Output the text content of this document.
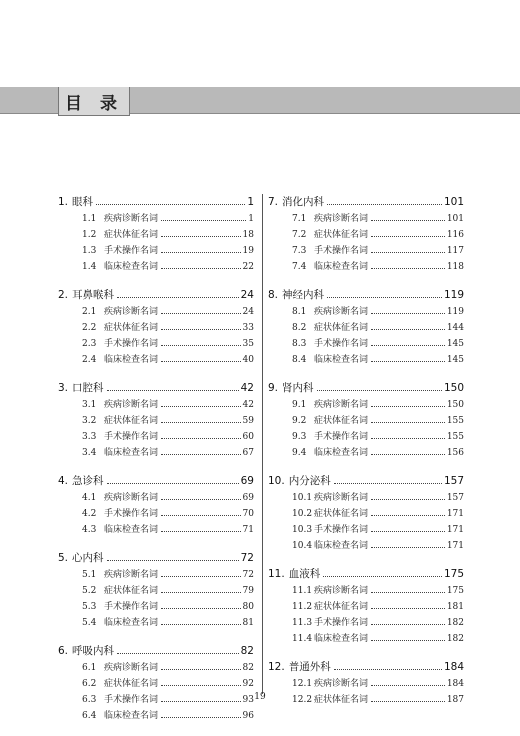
目 录
1. 眼科	1
1.1 疾病诊断名词	1
1.2 症状体征名词	18
1.3 手术操作名词	19
1.4 临床检查名词	22
2. 耳鼻喉科	24
2.1 疾病诊断名词	24
2.2 症状体征名词	33
2.3 手术操作名词	35
2.4 临床检查名词	40
3. 口腔科	42
3.1 疾病诊断名词	42
3.2 症状体征名词	59
3.3 手术操作名词	60
3.4 临床检查名词	67
4. 急诊科	69
4.1 疾病诊断名词	69
4.2 手术操作名词	70
4.3 临床检查名词	71
5. 心内科	72
5.1 疾病诊断名词	72
5.2 症状体征名词	79
5.3 手术操作名词	80
5.4 临床检查名词	81
6. 呼吸内科	82
6.1 疾病诊断名词	82
6.2 症状体征名词	92
6.3 手术操作名词	93
6.4 临床检查名词	96
7. 消化内科	101
7.1 疾病诊断名词	101
7.2 症状体征名词	116
7.3 手术操作名词	117
7.4 临床检查名词	118
8. 神经内科	119
8.1 疾病诊断名词	119
8.2 症状体征名词	144
8.3 手术操作名词	145
8.4 临床检查名词	145
9. 肾内科	150
9.1 疾病诊断名词	150
9.2 症状体征名词	155
9.3 手术操作名词	155
9.4 临床检查名词	156
10. 内分泌科	157
10.1 疾病诊断名词	157
10.2 症状体征名词	171
10.3 手术操作名词	171
10.4 临床检查名词	171
11. 血液科	175
11.1 疾病诊断名词	175
11.2 症状体征名词	181
11.3 手术操作名词	182
11.4 临床检查名词	182
12. 普通外科	184
12.1 疾病诊断名词	184
12.2 症状体征名词	187
19
